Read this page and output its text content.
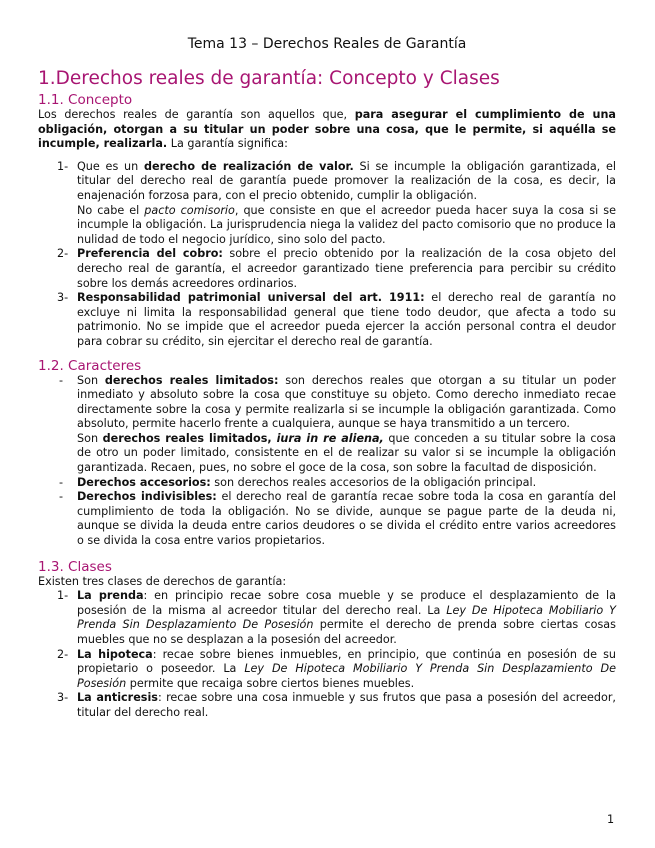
Tema 13 – Derechos Reales de Garantía
1.Derechos reales de garantía: Concepto y Clases
1.1. Concepto

Los derechos reales de garantía son aquellos que, para asegurar el cumplimiento de una obligación, otorgan a su titular un poder sobre una cosa, que le permite, si aquélla se incumple, realizarla. La garantía significa:

1- Que es un derecho de realización de valor. Si se incumple la obligación garantizada, el titular del derecho real de garantía puede promover la realización de la cosa, es decir, la enajenación forzosa para, con el precio obtenido, cumplir la obligación.
No cabe el pacto comisorio, que consiste en que el acreedor pueda hacer suya la cosa si se incumple la obligación. La jurisprudencia niega la validez del pacto comisorio que no produce la nulidad de todo el negocio jurídico, sino solo del pacto.
2- Preferencia del cobro: sobre el precio obtenido por la realización de la cosa objeto del derecho real de garantía, el acreedor garantizado tiene preferencia para percibir su crédito sobre los demás acreedores ordinarios.
3- Responsabilidad patrimonial universal del art. 1911: el derecho real de garantía no excluye ni limita la responsabilidad general que tiene todo deudor, que afecta a todo su patrimonio. No se impide que el acreedor pueda ejercer la acción personal contra el deudor para cobrar su crédito, sin ejercitar el derecho real de garantía.
1.2. Caracteres
- Son derechos reales limitados: son derechos reales que otorgan a su titular un poder inmediato y absoluto sobre la cosa que constituye su objeto. Como derecho inmediato recae directamente sobre la cosa y permite realizarla si se incumple la obligación garantizada. Como absoluto, permite hacerlo frente a cualquiera, aunque se haya transmitido a un tercero.
Son derechos reales limitados, iura in re aliena, que conceden a su titular sobre la cosa de otro un poder limitado, consistente en el de realizar su valor si se incumple la obligación garantizada. Recaen, pues, no sobre el goce de la cosa, son sobre la facultad de disposición.
- Derechos accesorios: son derechos reales accesorios de la obligación principal.
- Derechos indivisibles: el derecho real de garantía recae sobre toda la cosa en garantía del cumplimiento de toda la obligación. No se divide, aunque se pague parte de la deuda ni, aunque se divida la deuda entre carios deudores o se divida el crédito entre varios acreedores o se divida la cosa entre varios propietarios.
1.3. Clases

Existen tres clases de derechos de garantía:

1- La prenda: en principio recae sobre cosa mueble y se produce el desplazamiento de la posesión de la misma al acreedor titular del derecho real. La Ley De Hipoteca Mobiliario Y Prenda Sin Desplazamiento De Posesión permite el derecho de prenda sobre ciertas cosas muebles que no se desplazan a la posesión del acreedor.
2- La hipoteca: recae sobre bienes inmuebles, en principio, que continúa en posesión de su propietario o poseedor. La Ley De Hipoteca Mobiliario Y Prenda Sin Desplazamiento De Posesión permite que recaiga sobre ciertos bienes muebles.
3- La anticresis: recae sobre una cosa inmueble y sus frutos que pasa a posesión del acreedor, titular del derecho real.
1
